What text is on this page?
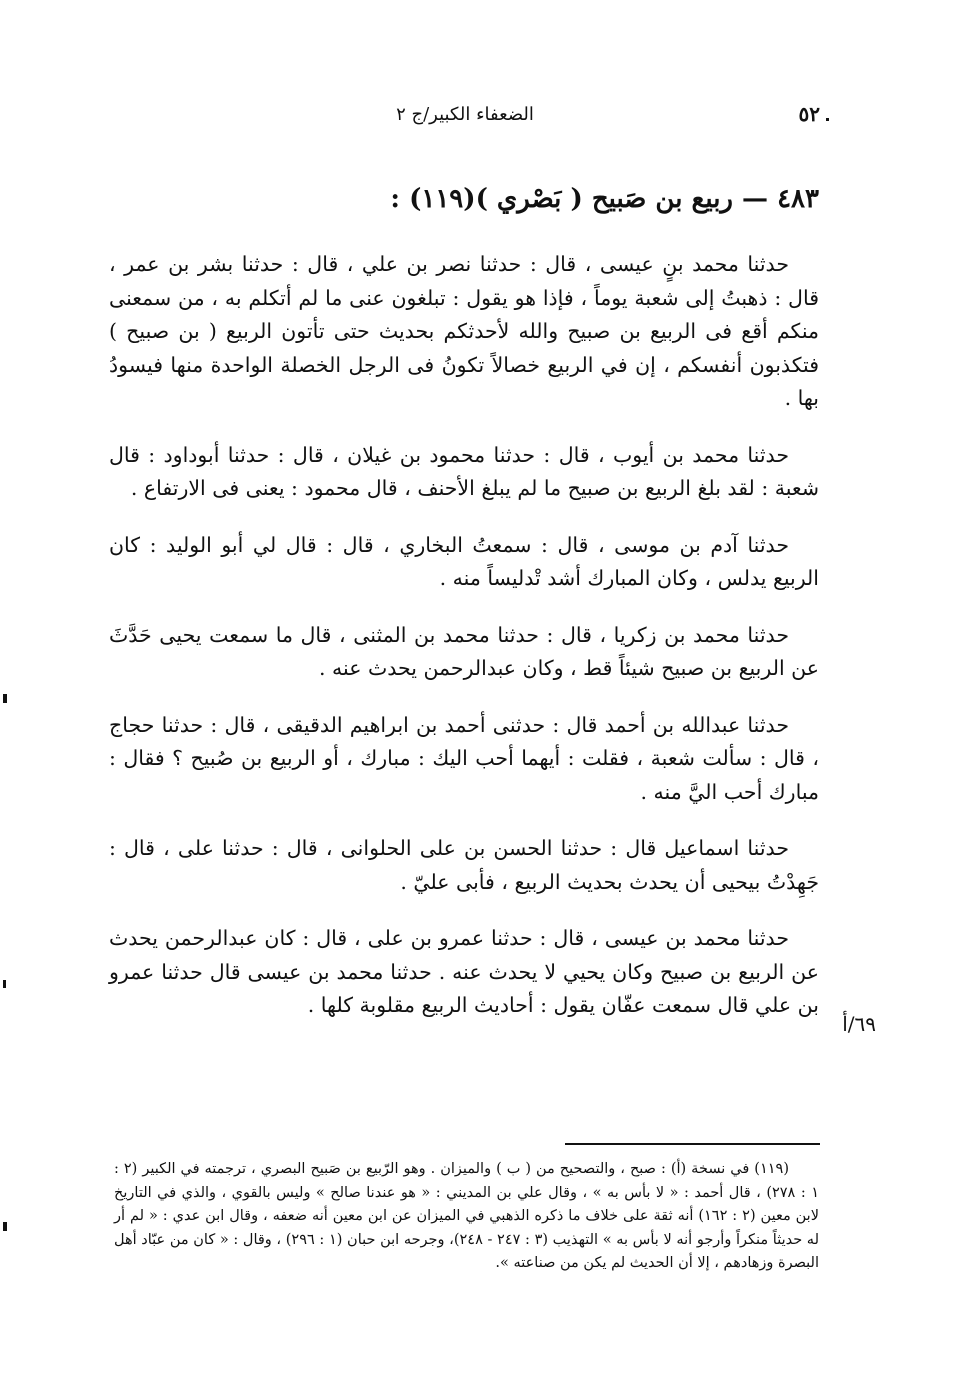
٥٢
الضعفاء الكبير/ج ٢
٤٨٣ — ربيع بن صَبيح ( بَصْري )(١١٩) :

حدثنا محمد بنٍ عيسى ، قال : حدثنا نصر بن علي ، قال : حدثنا بشر بن عمر ، قال : ذهبتُ إلى شعبة يوماً ، فإذا هو يقول : تبلغون عنى ما لم أتكلم به ، من سمعنى منكم أقع فى الربيع بن صبيح والله لأحدثكم بحديث حتى تأتون الربيع ( بن صبيح ) فتكذبون أنفسكم ، إن في الربيع خصالاً تكونُ فى الرجل الخصلة الواحدة منها فيسودُ بها .

حدثنا محمد بن أيوب ، قال : حدثنا محمود بن غيلان ، قال : حدثنا أبوداود : قال شعبة : لقد بلغ الربيع بن صبيح ما لم يبلغ الأحنف ، قال محمود : يعنى فى الارتفاع .

حدثنا آدم بن موسى ، قال : سمعتُ البخاري ، قال : قال لي أبو الوليد : كان الربيع يدلس ، وكان المبارك أشد تْدليساً منه .

حدثنا محمد بن زكريا ، قال : حدثنا محمد بن المثنى ، قال ما سمعت يحيى حَدَّثَ عن الربيع بن صبيح شيئاً قط ، وكان عبدالرحمن يحدث عنه .

حدثنا عبدالله بن أحمد قال : حدثنى أحمد بن ابراهيم الدقيقى ، قال : حدثنا حجاج ، قال : سألت شعبة ، فقلت : أيهما أحب اليك : مبارك ، أو الربيع بن صُبيح ؟ فقال : مبارك أحب اليَّ منه .

حدثنا اسماعيل قال : حدثنا الحسن بن على الحلوانى ، قال : حدثنا على ، قال : جَهِدْتُ بيحيى أن يحدث بحديث الربيع ، فأبى عليّ .

حدثنا محمد بن عيسى ، قال : حدثنا عمرو بن على ، قال : كان عبدالرحمن يحدث عن الربيع بن صبيح وكان يحيي لا يحدث عنه . حدثنا محمد بن عيسى قال حدثنا عمرو بن علي قال سمعت عفّان يقول : أحاديث الربيع مقلوبة كلها .

٦٩/أ
(١١٩) في نسخة (أ) : صبح ، والتصحيح من ( ب ) والميزان . وهو الرّبيع بن صَبيح البصري ، ترجمته في الكبير (٢ : ١ : ٢٧٨) ، قال أحمد : « لا بأس به » ، وقال علي بن المديني : « هو عندنا صالح » وليس بالقوي ، والذي في التاريخ لابن معين (٢ : ١٦٢) أنه ثقة على خلاف ما ذكره الذهبي في الميزان عن ابن معين أنه ضعفه ، وقال ابن عدي : « لم أر له حديثاً منكراً وأرجو أنه لا بأس به » التهذيب (٣ : ٢٤٧ - ٢٤٨)، وجرحه ابن حبان (١ : ٢٩٦) ، وقال : « كان من عبّاد أهل البصرة وزهادهم ، إلا أن الحديث لم يكن من صناعته ».
